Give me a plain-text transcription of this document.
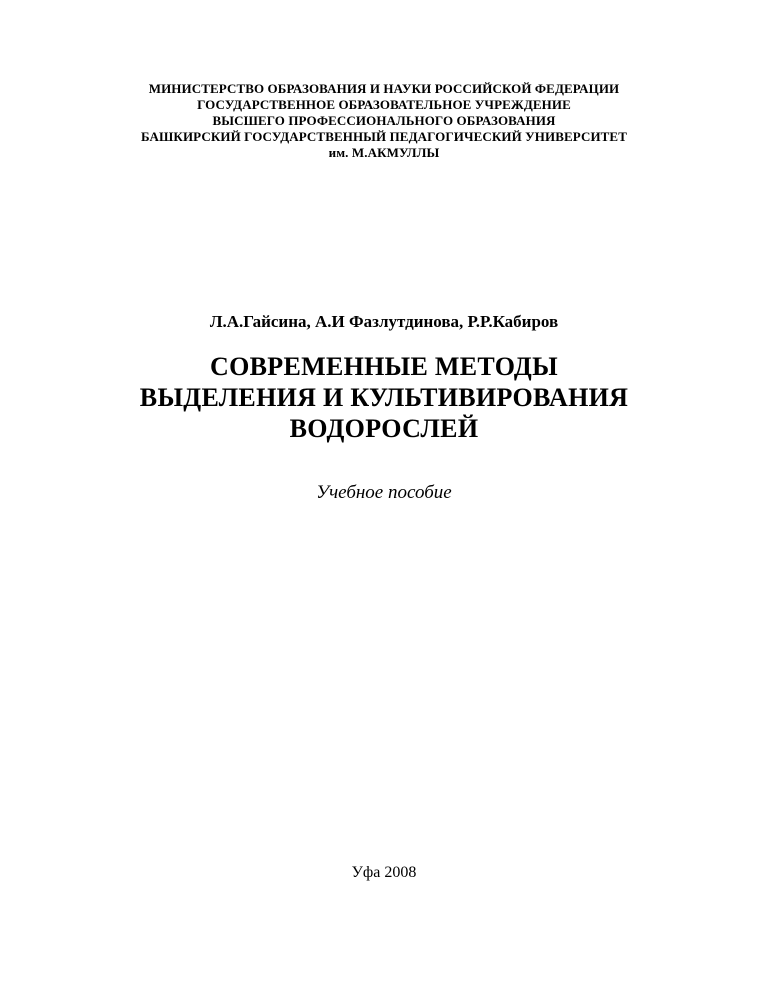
МИНИСТЕРСТВО ОБРАЗОВАНИЯ И НАУКИ РОССИЙСКОЙ ФЕДЕРАЦИИ
ГОСУДАРСТВЕННОЕ ОБРАЗОВАТЕЛЬНОЕ УЧРЕЖДЕНИЕ
ВЫСШЕГО ПРОФЕССИОНАЛЬНОГО ОБРАЗОВАНИЯ
БАШКИРСКИЙ ГОСУДАРСТВЕННЫЙ ПЕДАГОГИЧЕСКИЙ УНИВЕРСИТЕТ
им. М.АКМУЛЛЫ
Л.А.Гайсина, А.И Фазлутдинова, Р.Р.Кабиров
СОВРЕМЕННЫЕ МЕТОДЫ
ВЫДЕЛЕНИЯ И КУЛЬТИВИРОВАНИЯ
ВОДОРОСЛЕЙ
Учебное пособие
Уфа 2008
